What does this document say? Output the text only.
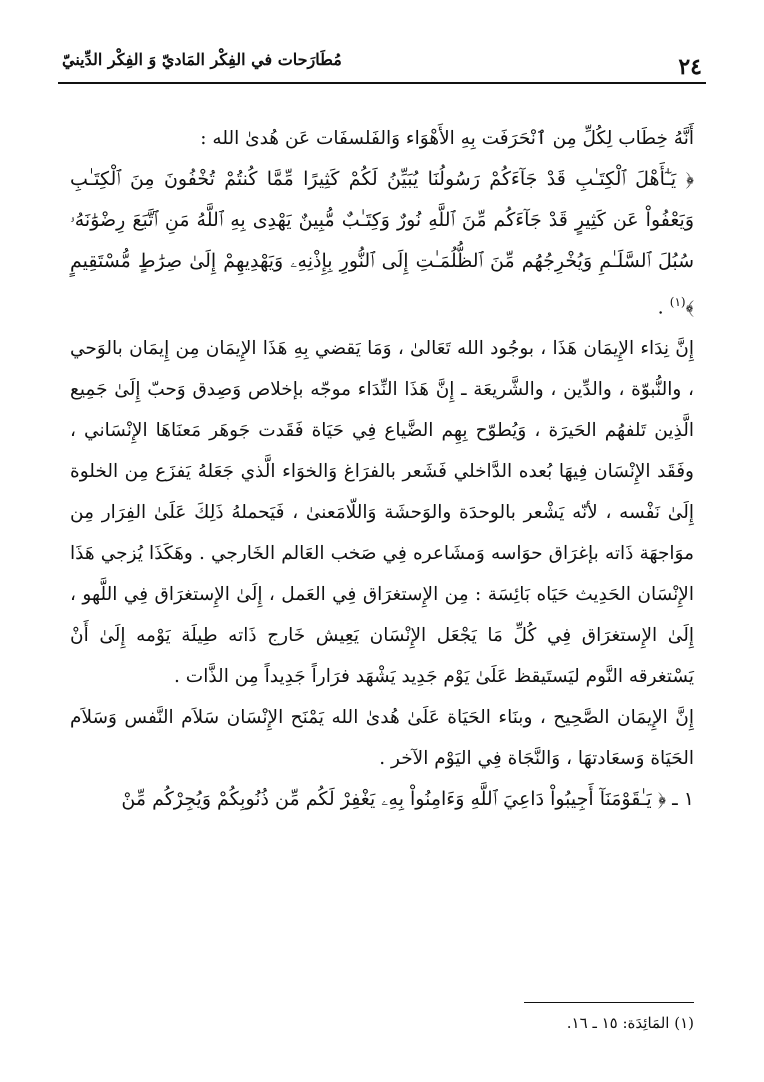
٢٤
مُطَارَحات في الفِكْر المَاديّ وَ الفِكْر الدِّينيّ

أَنَّهُ خِطَاب لِكُلِّ مِن ٱنْحَرَفَت بِهِ الأَهْوَاء وَالفَلسفَات عَن هُدىٰ الله :

﴿ يَـٰٓأَهْلَ ٱلْكِتَـٰبِ قَدْ جَآءَكُمْ رَسُولُنَا يُبَيِّنُ لَكُمْ كَثِيرًا مِّمَّا كُنتُمْ تُخْفُونَ مِنَ ٱلْكِتَـٰبِ وَيَعْفُواْ عَن كَثِيرٍ قَدْ جَآءَكُم مِّنَ ٱللَّهِ نُورٌ وَكِتَـٰبٌ مُّبِينٌ يَهْدِى بِهِ ٱللَّهُ مَنِ ٱتَّبَعَ رِضْوَٰنَهُۥ سُبُلَ ٱلسَّلَـٰمِ وَيُخْرِجُهُم مِّنَ ٱلظُّلُمَـٰتِ إِلَى ٱلنُّورِ بِإِذْنِهِۦ وَيَهْدِيهِمْ إِلَىٰ صِرَٰطٍ مُّسْتَقِيمٍ ﴾$^{(١)}$ .

إِنَّ نِدَاء الإِيمَان هَذَا ، بوجُود الله تَعَالىٰ ، وَمَا يَقضي بِهِ هَذَا الإِيمَان مِن إِيمَان بالوَحي ، والنُّبوّة ، والدِّين ، والشَّريعَة ـ إِنَّ هَذَا النِّدَاء موجّه بإخلاص وَصِدق وَحبّ إِلَىٰ جَمِيع الَّذِين تَلفهُم الحَيرَة ، وَيُطوّح بِهِم الضَّياع فِي حَيَاة فَقَدت جَوهَر مَعنَاهَا الإِنْسَاني ، وفَقَد الإِنْسَان فِيهَا بُعده الدَّاخلي فَشَعر بالفرَاغ وَالخوَاء الَّذي جَعَلهُ يَفزَع مِن الخلوة إِلَىٰ نَفْسه ، لأنّه يَشْعر بالوحدَة والوَحشَة وَاللّامَعنىٰ ، فَيَحملهُ ذَلِكَ عَلَىٰ الفِرَار مِن موَاجهَة ذَاته بإغرَاق حوَاسه وَمشَاعره فِي صَخب العَالم الخَارجي . وهَكَذَا يُزجي هَذَا الإِنْسَان الحَدِيث حَيَاه بَائِسَة : مِن الإِستغرَاق فِي العَمل ، إِلَىٰ الإِستغرَاق فِي اللَّهو ، إِلَىٰ الإِستغرَاق فِي كُلِّ مَا يَجْعَل الإِنْسَان يَعِيش خَارج ذَاته طِيلَة يَوْمه إِلَىٰ أَنْ يَسْتغرقه النَّوم ليَستَيقظ عَلَىٰ يَوْم جَدِيد يَشْهَد فرَاراً جَدِيداً مِن الذَّات .

إِنَّ الإِيمَان الصَّحِيح ، وبنَاء الحَيَاة عَلَىٰ هُدىٰ الله يَمْنَح الإِنْسَان سَلاَم النَّفس وَسَلاَم الحَيَاة وَسعَادتهَا ، وَالنَّجَاة فِي اليَوْم الآخر .

١ ـ ﴿ يَـٰقَوْمَنَآ أَجِيبُواْ دَاعِيَ ٱللَّهِ وَءَامِنُواْ بِهِۦ يَغْفِرْ لَكُم مِّن ذُنُوبِكُمْ وَيُجِرْكُم مِّنْ

(١) المَائِدَة: ١٥ ـ ١٦.
